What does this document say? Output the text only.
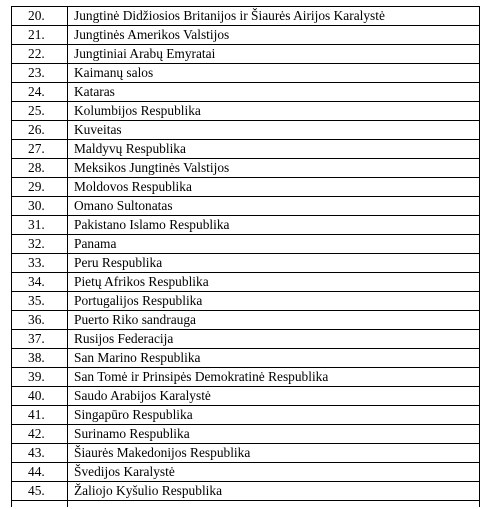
20.	Jungtinė Didžiosios Britanijos ir Šiaurės Airijos Karalystė
21.	Jungtinės Amerikos Valstijos
22.	Jungtiniai Arabų Emyratai
23.	Kaimanų salos
24.	Kataras
25.	Kolumbijos Respublika
26.	Kuveitas
27.	Maldyvų Respublika
28.	Meksikos Jungtinės Valstijos
29.	Moldovos Respublika
30.	Omano Sultonatas
31.	Pakistano Islamo Respublika
32.	Panama
33.	Peru Respublika
34.	Pietų Afrikos Respublika
35.	Portugalijos Respublika
36.	Puerto Riko sandrauga
37.	Rusijos Federacija
38.	San Marino Respublika
39.	San Tomė ir Prinsipės Demokratinė Respublika
40.	Saudo Arabijos Karalystė
41.	Singapūro Respublika
42.	Surinamo Respublika
43.	Šiaurės Makedonijos Respublika
44.	Švedijos Karalystė
45.	Žaliojo Kyšulio Respublika
